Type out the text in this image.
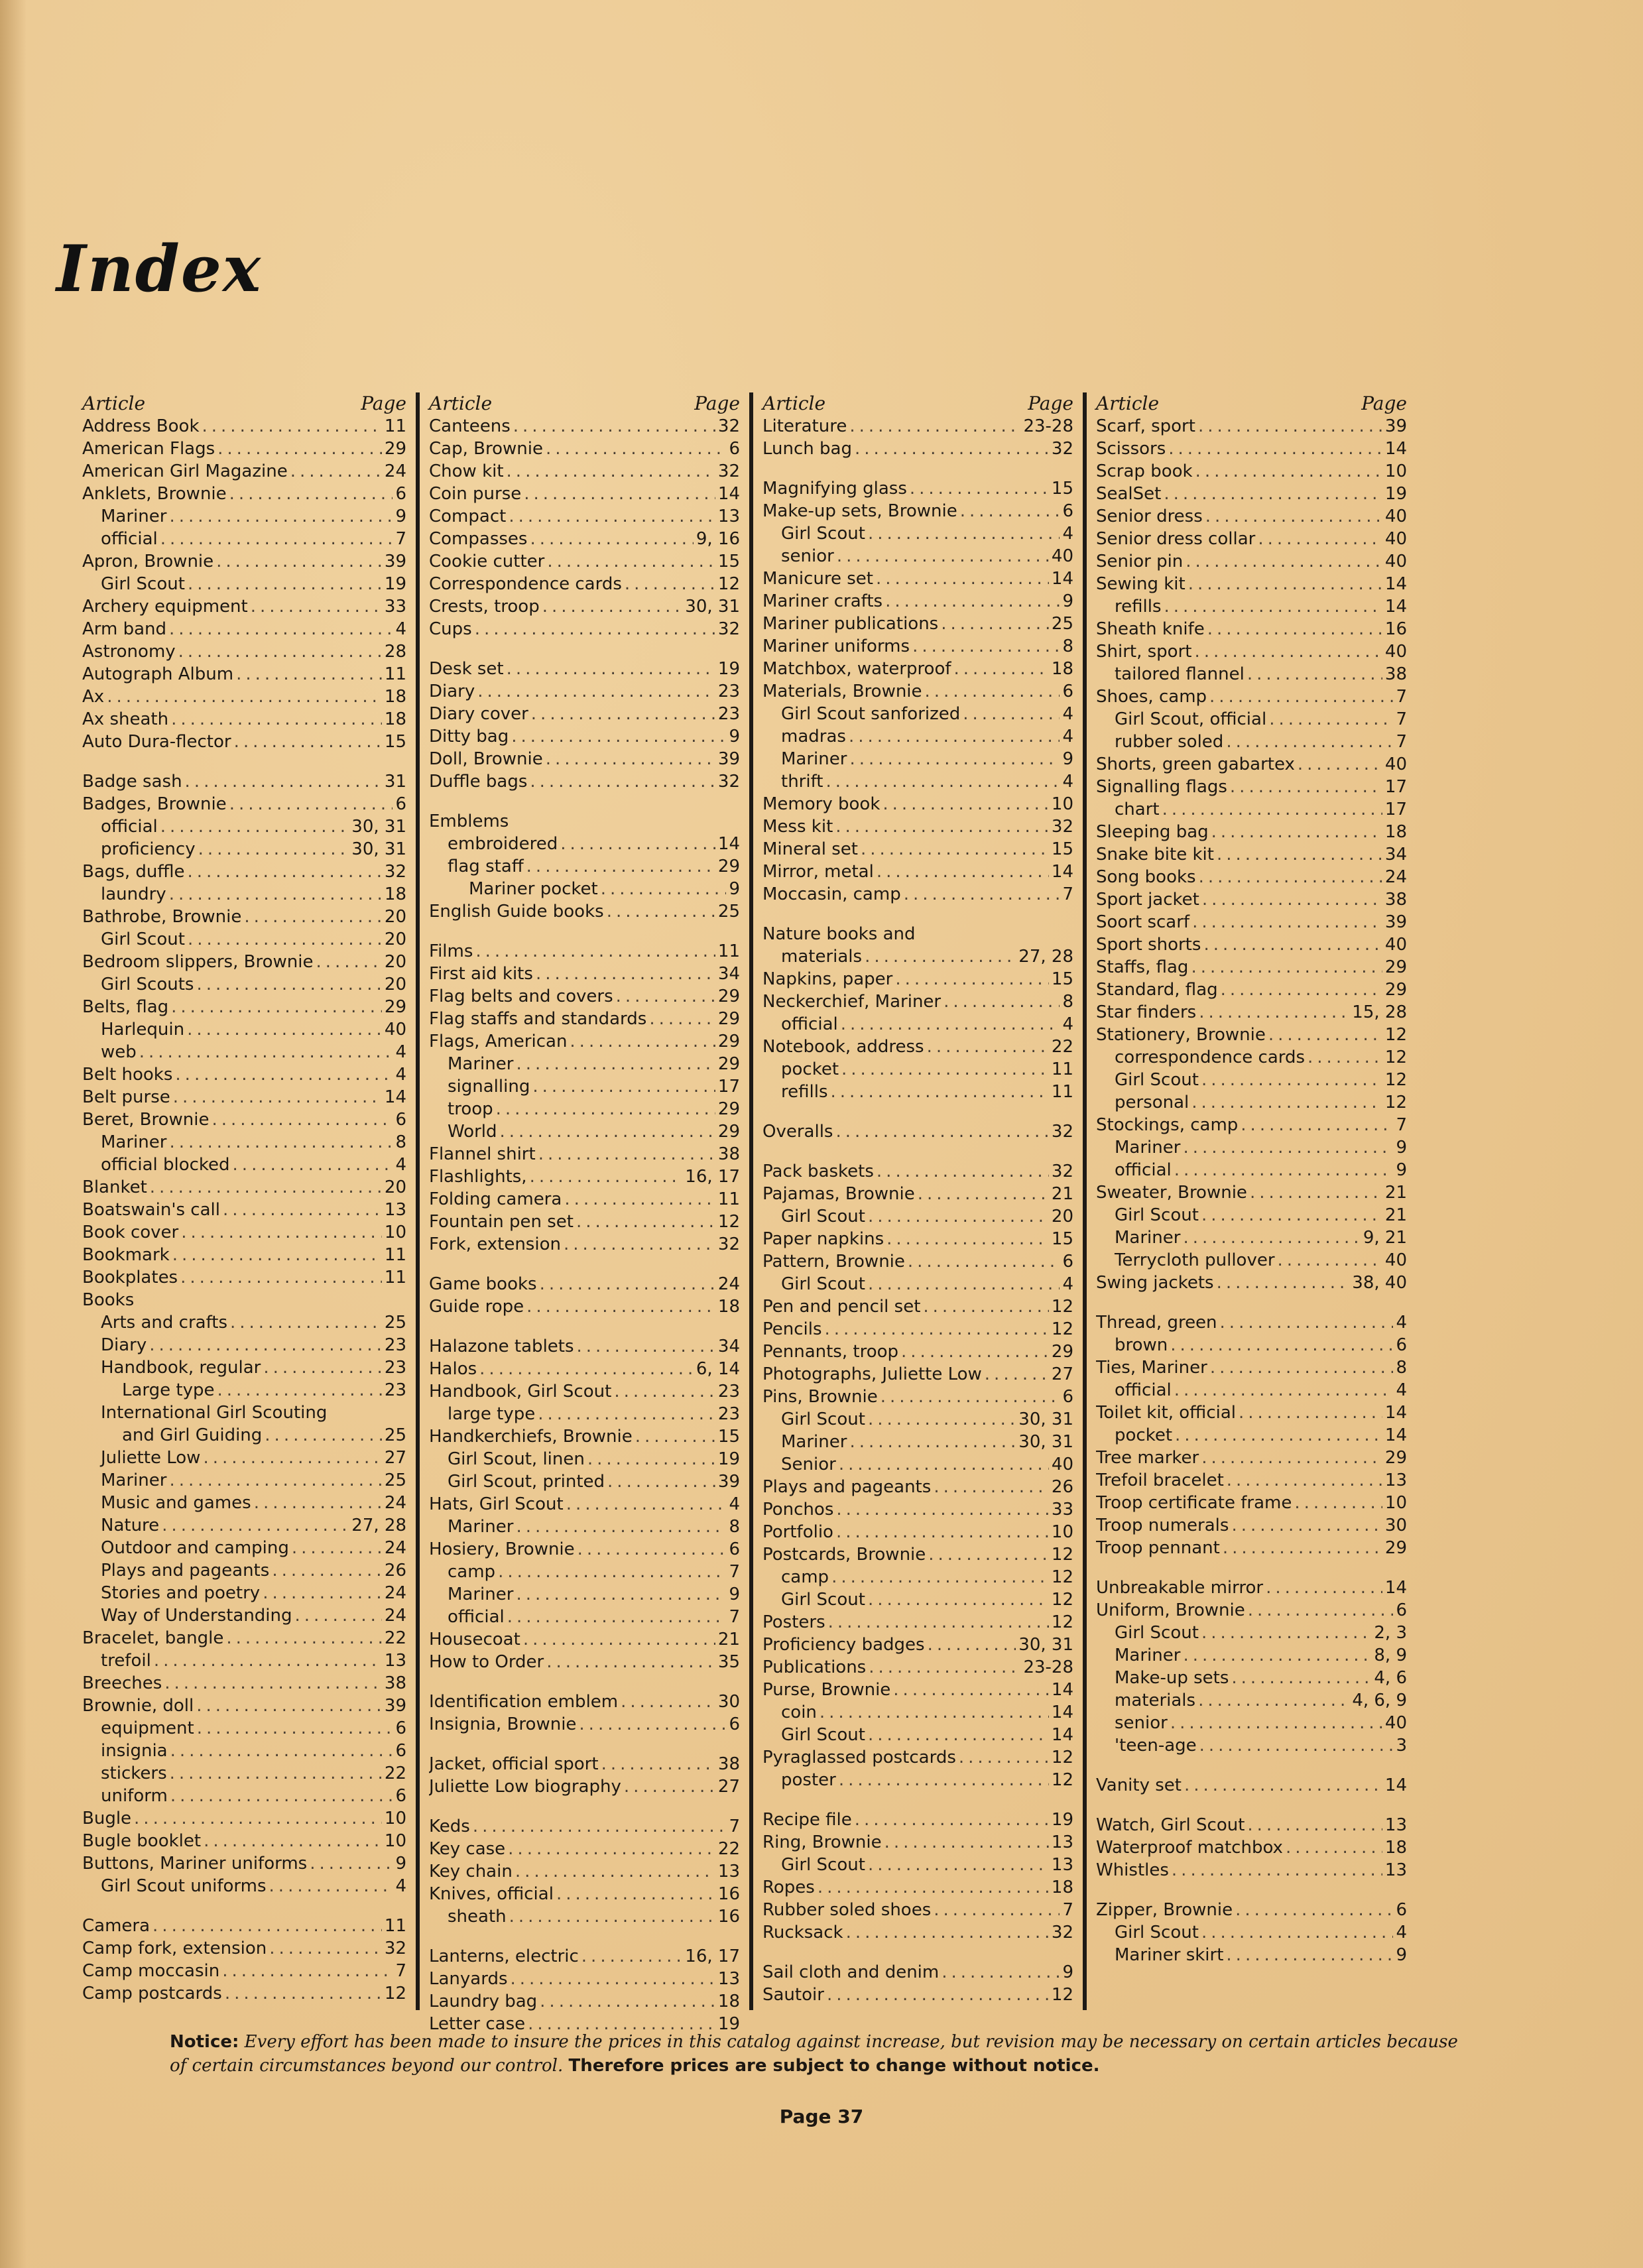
Index
Article	Page
Address Book .....	11
American Flags .....	29
American Girl Magazine .....	24
Anklets, Brownie .....	6
Mariner .....	9
official .....	7
Apron, Brownie .....	39
Girl Scout .....	19
Archery equipment .....	33
Arm band .....	4
Astronomy .....	28
Autograph Album .....	11
Ax .....	18
Ax sheath .....	18
Auto Dura-flector .....	15
Badge sash .....	31
Badges, Brownie .....	6
official .....	30, 31
proficiency .....	30, 31
Bags, duffle .....	32
laundry .....	18
Bathrobe, Brownie .....	20
Girl Scout .....	20
Bedroom slippers, Brownie .....	20
Girl Scouts .....	20
Belts, flag .....	29
Harlequin .....	40
web .....	4
Belt hooks .....	4
Belt purse .....	14
Beret, Brownie .....	6
Mariner .....	8
official blocked .....	4
Blanket .....	20
Boatswain's call .....	13
Book cover .....	10
Bookmark .....	11
Bookplates .....	11
Books
Arts and crafts .....	25
Diary .....	23
Handbook, regular .....	23
Large type .....	23
International Girl Scouting
and Girl Guiding .....	25
Juliette Low .....	27
Mariner .....	25
Music and games .....	24
Nature .....	27, 28
Outdoor and camping .....	24
Plays and pageants .....	26
Stories and poetry .....	24
Way of Understanding .....	24
Bracelet, bangle .....	22
trefoil .....	13
Breeches .....	38
Brownie, doll .....	39
equipment .....	6
insignia .....	6
stickers .....	22
uniform .....	6
Bugle .....	10
Bugle booklet .....	10
Buttons, Mariner uniforms .....	9
Girl Scout uniforms .....	4
Camera .....	11
Camp fork, extension .....	32
Camp moccasin .....	7
Camp postcards .....	12
Article	Page
Canteens .....	32
Cap, Brownie .....	6
Chow kit .....	32
Coin purse .....	14
Compact .....	13
Compasses .....	9, 16
Cookie cutter .....	15
Correspondence cards .....	12
Crests, troop .....	30, 31
Cups .....	32
Desk set .....	19
Diary .....	23
Diary cover .....	23
Ditty bag .....	9
Doll, Brownie .....	39
Duffle bags .....	32
Emblems
embroidered .....	14
flag staff .....	29
Mariner pocket .....	9
English Guide books .....	25
Films .....	11
First aid kits .....	34
Flag belts and covers .....	29
Flag staffs and standards .....	29
Flags, American .....	29
Mariner .....	29
signalling .....	17
troop .....	29
World .....	29
Flannel shirt .....	38
Flashlights, .....	16, 17
Folding camera .....	11
Fountain pen set .....	12
Fork, extension .....	32
Game books .....	24
Guide rope .....	18
Halazone tablets .....	34
Halos .....	6, 14
Handbook, Girl Scout .....	23
large type .....	23
Handkerchiefs, Brownie .....	15
Girl Scout, linen .....	19
Girl Scout, printed .....	39
Hats, Girl Scout .....	4
Mariner .....	8
Hosiery, Brownie .....	6
camp .....	7
Mariner .....	9
official .....	7
Housecoat .....	21
How to Order .....	35
Identification emblem .....	30
Insignia, Brownie .....	6
Jacket, official sport .....	38
Juliette Low biography .....	27
Keds .....	7
Key case .....	22
Key chain .....	13
Knives, official .....	16
sheath .....	16
Lanterns, electric .....	16, 17
Lanyards .....	13
Laundry bag .....	18
Letter case .....	19
Article	Page
Literature .....	23-28
Lunch bag .....	32
Magnifying glass .....	15
Make-up sets, Brownie .....	6
Girl Scout .....	4
senior .....	40
Manicure set .....	14
Mariner crafts .....	9
Mariner publications .....	25
Mariner uniforms .....	8
Matchbox, waterproof .....	18
Materials, Brownie .....	6
Girl Scout sanforized .....	4
madras .....	4
Mariner .....	9
thrift .....	4
Memory book .....	10
Mess kit .....	32
Mineral set .....	15
Mirror, metal .....	14
Moccasin, camp .....	7
Nature books and
materials .....	27, 28
Napkins, paper .....	15
Neckerchief, Mariner .....	8
official .....	4
Notebook, address .....	22
pocket .....	11
refills .....	11
Overalls .....	32
Pack baskets .....	32
Pajamas, Brownie .....	21
Girl Scout .....	20
Paper napkins .....	15
Pattern, Brownie .....	6
Girl Scout .....	4
Pen and pencil set .....	12
Pencils .....	12
Pennants, troop .....	29
Photographs, Juliette Low .....	27
Pins, Brownie .....	6
Girl Scout .....	30, 31
Mariner .....	30, 31
Senior .....	40
Plays and pageants .....	26
Ponchos .....	33
Portfolio .....	10
Postcards, Brownie .....	12
camp .....	12
Girl Scout .....	12
Posters .....	12
Proficiency badges .....	30, 31
Publications .....	23-28
Purse, Brownie .....	14
coin .....	14
Girl Scout .....	14
Pyraglassed postcards .....	12
poster .....	12
Recipe file .....	19
Ring, Brownie .....	13
Girl Scout .....	13
Ropes .....	18
Rubber soled shoes .....	7
Rucksack .....	32
Sail cloth and denim .....	9
Sautoir .....	12
Article	Page
Scarf, sport .....	39
Scissors .....	14
Scrap book .....	10
SealSet .....	19
Senior dress .....	40
Senior dress collar .....	40
Senior pin .....	40
Sewing kit .....	14
refills .....	14
Sheath knife .....	16
Shirt, sport .....	40
tailored flannel .....	38
Shoes, camp .....	7
Girl Scout, official .....	7
rubber soled .....	7
Shorts, green gabartex .....	40
Signalling flags .....	17
chart .....	17
Sleeping bag .....	18
Snake bite kit .....	34
Song books .....	24
Sport jacket .....	38
Soort scarf .....	39
Sport shorts .....	40
Staffs, flag .....	29
Standard, flag .....	29
Star finders .....	15, 28
Stationery, Brownie .....	12
correspondence cards .....	12
Girl Scout .....	12
personal .....	12
Stockings, camp .....	7
Mariner .....	9
official .....	9
Sweater, Brownie .....	21
Girl Scout .....	21
Mariner .....	9, 21
Terrycloth pullover .....	40
Swing jackets .....	38, 40
Thread, green .....	4
brown .....	6
Ties, Mariner .....	8
official .....	4
Toilet kit, official .....	14
pocket .....	14
Tree marker .....	29
Trefoil bracelet .....	13
Troop certificate frame .....	10
Troop numerals .....	30
Troop pennant .....	29
Unbreakable mirror .....	14
Uniform, Brownie .....	6
Girl Scout .....	2, 3
Mariner .....	8, 9
Make-up sets .....	4, 6
materials .....	4, 6, 9
senior .....	40
'teen-age .....	3
Vanity set .....	14
Watch, Girl Scout .....	13
Waterproof matchbox .....	18
Whistles .....	13
Zipper, Brownie .....	6
Girl Scout .....	4
Mariner skirt .....	9
Notice: Every effort has been made to insure the prices in this catalog against increase, but revision may be necessary on certain articles because of certain circumstances beyond our control. Therefore prices are subject to change without notice.
Page 37
